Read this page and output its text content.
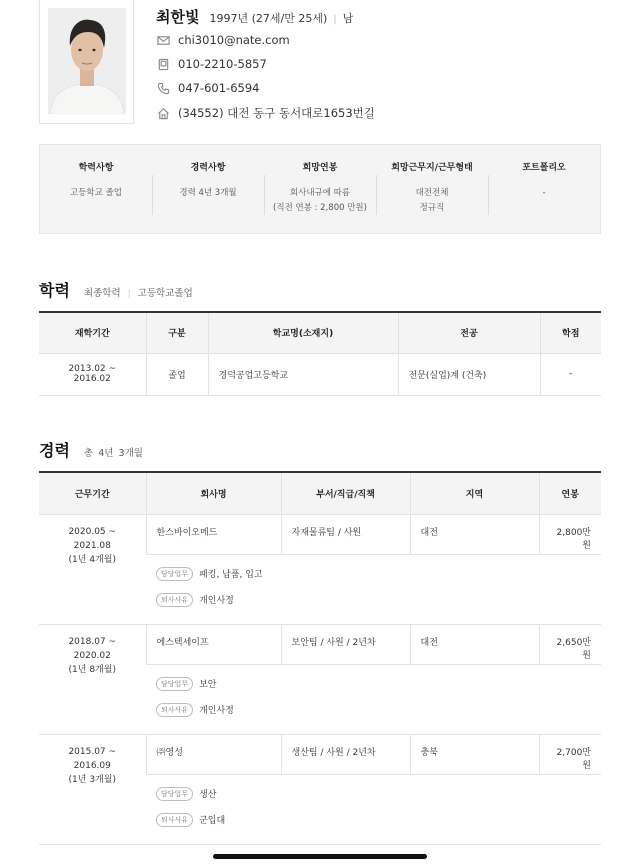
최한빛 1997년 (27세/만 25세) | 남
chi3010@nate.com
010-2210-5857
047-601-6594
(34552) 대전 동구 동서대로1653번길
학력사항
고등학교 졸업
경력사항
경력 4년 3개월
희망연봉
회사내규에 따름
(직전 연봉 : 2,800 만원)
희망근무지/근무형태
대전전체
정규직
포트폴리오
-
학력 최종학력 | 고등학교 졸업
재학기간	구분	학교명(소재지)	전공	학점
2013.02 ~ 2016.02	졸업	경덕공업고등학교	전문(실업)계 (건축)	-
경력 총
4 년
3 개월
근무기간	회사명	부서/직급/직책	지역	연봉

2020.05 ~ 2021.08
(1년 4개월)	한스바이오메드	자재물류팀 / 사원	대전	2,800만원

	담당업무 패킹, 납품, 입고
퇴사사유 개인사정			

2018.07 ~ 2020.02
(1년 8개월)	에스텍세이프	보안팀 / 사원 / 2년차	대전	2,650만원

	담당업무 보안
퇴사사유 개인사정			

2015.07 ~ 2016.09
(1년 3개월)	㈜영성	생산팀 / 사원 / 2년차	충북	2,700만원

	담당업무 생산
퇴사사유 군입대			
